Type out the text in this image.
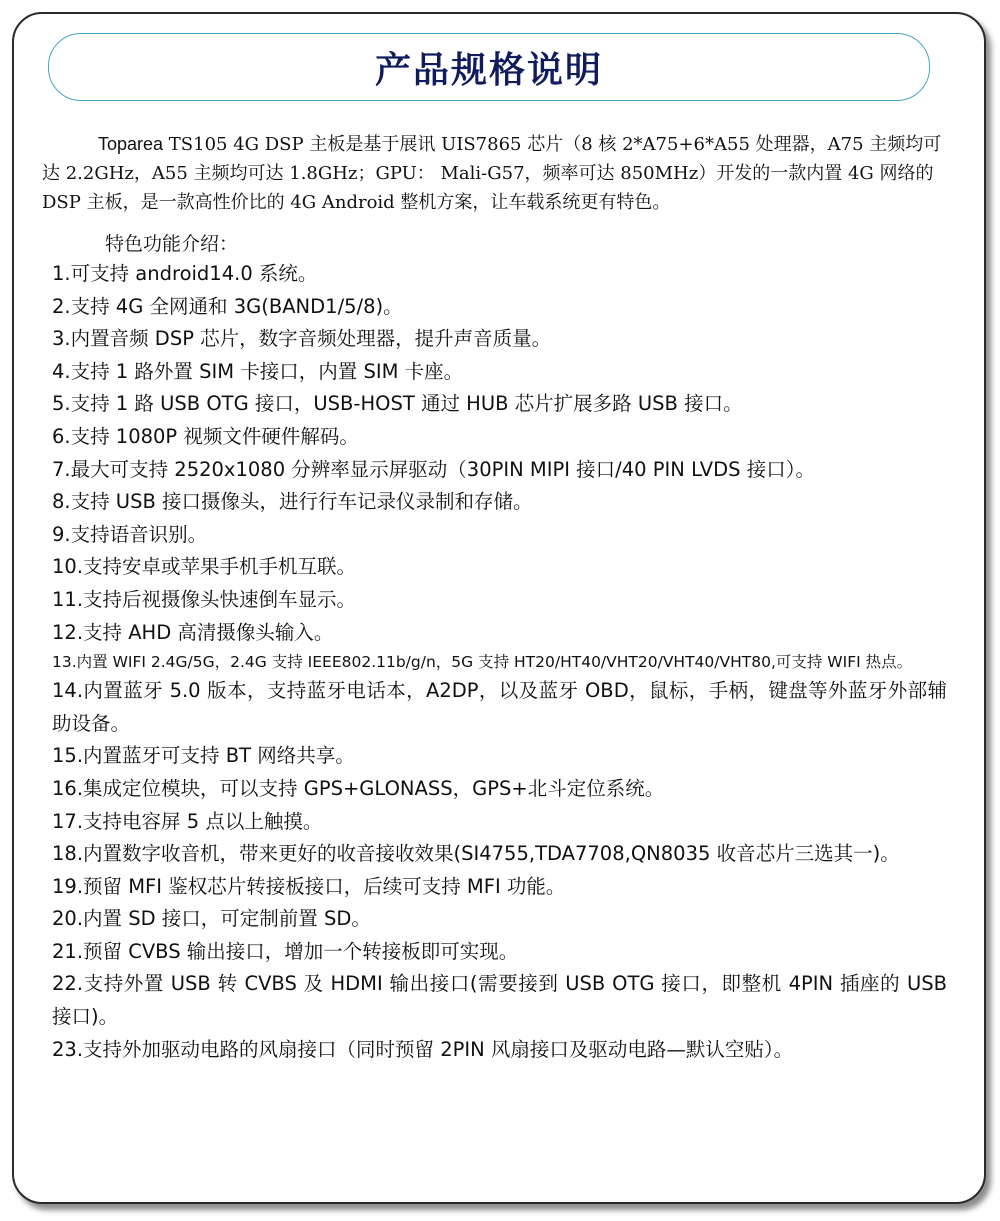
产品规格说明
Toparea TS105 4G DSP 主板是基于展讯 UIS7865 芯片（8 核 2*A75+6*A55 处理器，A75 主频均可达 2.2GHz，A55 主频均可达 1.8GHz；GPU： Mali-G57，频率可达 850MHz）开发的一款内置 4G 网络的 DSP 主板，是一款高性价比的 4G Android 整机方案，让车载系统更有特色。
特色功能介绍：
1.可支持 android14.0 系统。
2.支持 4G 全网通和 3G(BAND1/5/8)。
3.内置音频 DSP 芯片，数字音频处理器，提升声音质量。
4.支持 1 路外置 SIM 卡接口，内置 SIM 卡座。
5.支持 1 路 USB OTG 接口，USB-HOST 通过 HUB 芯片扩展多路 USB 接口。
6.支持 1080P 视频文件硬件解码。
7.最大可支持 2520x1080 分辨率显示屏驱动（30PIN MIPI 接口/40 PIN LVDS 接口）。
8.支持 USB 接口摄像头，进行行车记录仪录制和存储。
9.支持语音识别。
10.支持安卓或苹果手机手机互联。
11.支持后视摄像头快速倒车显示。
12.支持 AHD 高清摄像头输入。
13.内置 WIFI 2.4G/5G，2.4G 支持 IEEE802.11b/g/n，5G 支持 HT20/HT40/VHT20/VHT40/VHT80,可支持 WIFI 热点。
14.内置蓝牙 5.0 版本，支持蓝牙电话本，A2DP，以及蓝牙 OBD，鼠标，手柄，键盘等外蓝牙外部辅助设备。
15.内置蓝牙可支持 BT 网络共享。
16.集成定位模块，可以支持 GPS+GLONASS，GPS+北斗定位系统。
17.支持电容屏 5 点以上触摸。
18.内置数字收音机，带来更好的收音接收效果(SI4755,TDA7708,QN8035 收音芯片三选其一)。
19.预留 MFI 鉴权芯片转接板接口，后续可支持 MFI 功能。
20.内置 SD 接口，可定制前置 SD。
21.预留 CVBS 输出接口，增加一个转接板即可实现。
22.支持外置 USB 转 CVBS 及 HDMI 输出接口(需要接到 USB OTG 接口，即整机 4PIN 插座的 USB 接口)。
23.支持外加驱动电路的风扇接口（同时预留 2PIN 风扇接口及驱动电路—默认空贴）。
